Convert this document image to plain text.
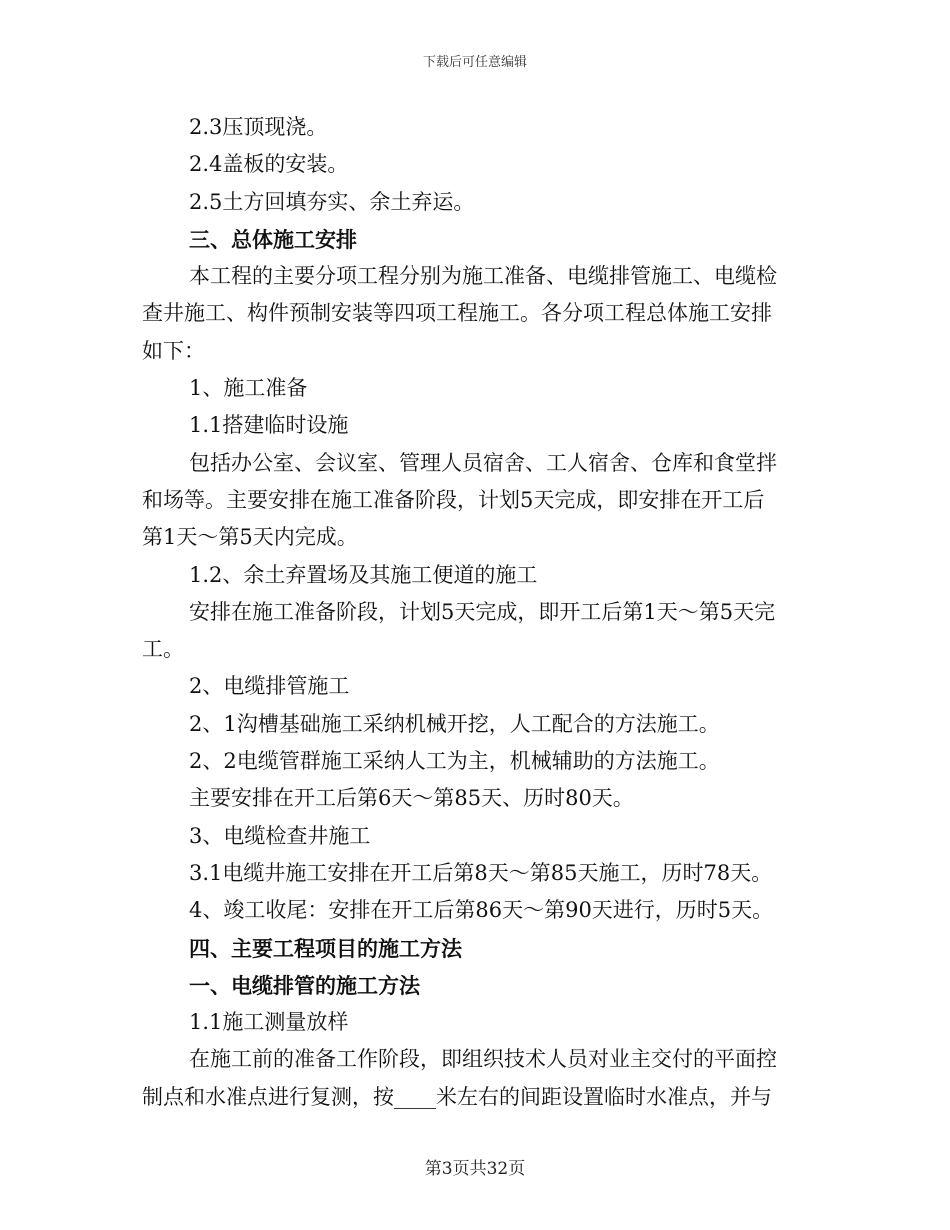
下载后可任意编辑
2.3压顶现浇。
2.4盖板的安装。
2.5土方回填夯实、余土弃运。
三、总体施工安排
本工程的主要分项工程分别为施工准备、电缆排管施工、电缆检
查井施工、构件预制安装等四项工程施工。各分项工程总体施工安排
如下：
1、施工准备
1.1搭建临时设施
包括办公室、会议室、管理人员宿舍、工人宿舍、仓库和食堂拌
和场等。主要安排在施工准备阶段，计划5天完成，即安排在开工后
第1天～第5天内完成。
1.2、余土弃置场及其施工便道的施工
安排在施工准备阶段，计划5天完成，即开工后第1天～第5天完
工。
2、电缆排管施工
2、1沟槽基础施工采纳机械开挖，人工配合的方法施工。
2、2电缆管群施工采纳人工为主，机械辅助的方法施工。
主要安排在开工后第6天～第85天、历时80天。
3、电缆检查井施工
3.1电缆井施工安排在开工后第8天～第85天施工，历时78天。
4、竣工收尾：安排在开工后第86天～第90天进行，历时5天。
四、主要工程项目的施工方法
一、电缆排管的施工方法
1.1施工测量放样
在施工前的准备工作阶段，即组织技术人员对业主交付的平面控
制点和水准点进行复测，按____米左右的间距设置临时水准点，并与
第3页共32页
